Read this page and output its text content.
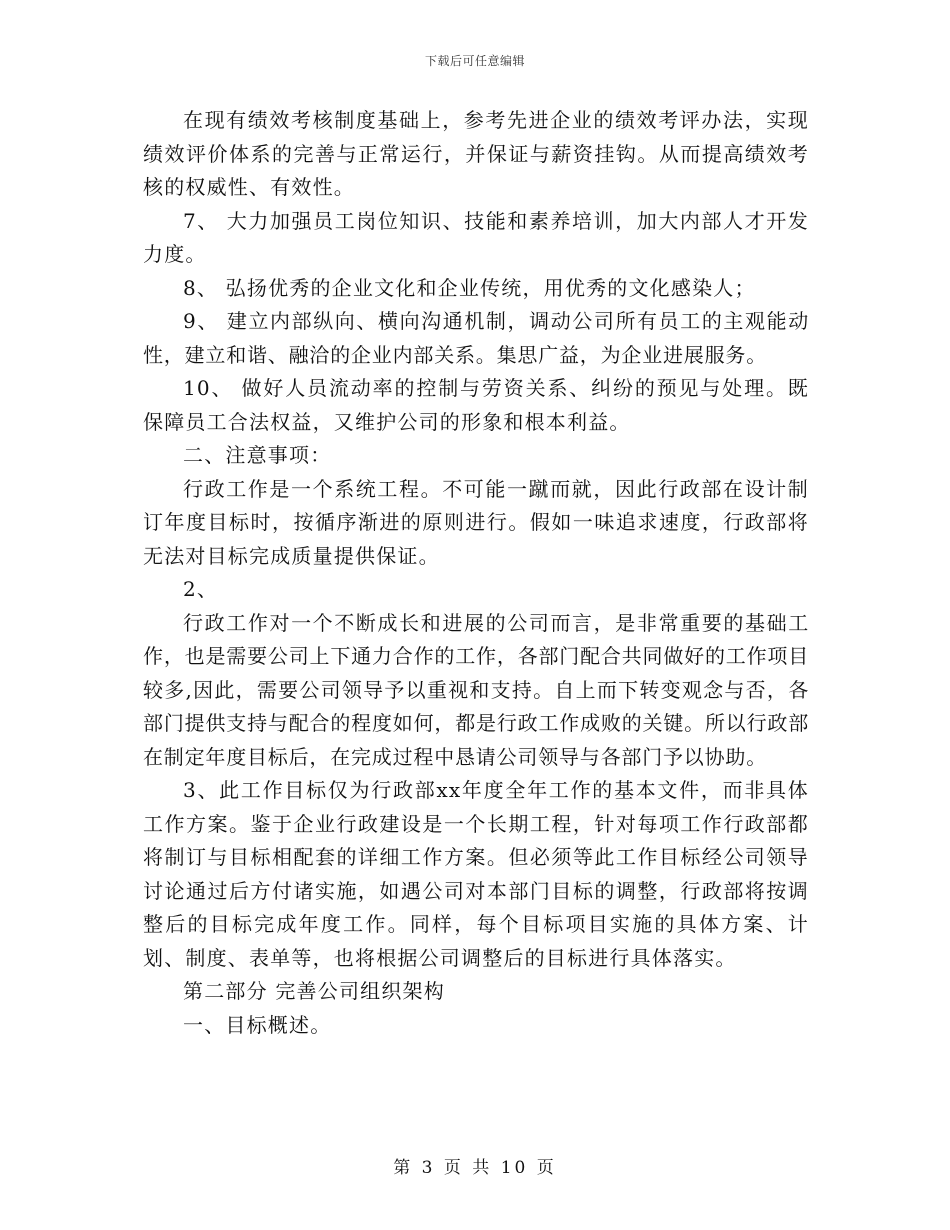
下载后可任意编辑

在现有绩效考核制度基础上，参考先进企业的绩效考评办法，实现绩效评价体系的完善与正常运行，并保证与薪资挂钩。从而提高绩效考核的权威性、有效性。

7、 大力加强员工岗位知识、技能和素养培训，加大内部人才开发力度。

8、 弘扬优秀的企业文化和企业传统，用优秀的文化感染人；

9、 建立内部纵向、横向沟通机制，调动公司所有员工的主观能动性，建立和谐、融洽的企业内部关系。集思广益，为企业进展服务。

10、 做好人员流动率的控制与劳资关系、纠纷的预见与处理。既保障员工合法权益，又维护公司的形象和根本利益。

二、注意事项：

行政工作是一个系统工程。不可能一蹴而就，因此行政部在设计制订年度目标时，按循序渐进的原则进行。假如一味追求速度，行政部将无法对目标完成质量提供保证。

2、

行政工作对一个不断成长和进展的公司而言，是非常重要的基础工作，也是需要公司上下通力合作的工作，各部门配合共同做好的工作项目较多,因此，需要公司领导予以重视和支持。自上而下转变观念与否，各部门提供支持与配合的程度如何，都是行政工作成败的关键。所以行政部在制定年度目标后，在完成过程中恳请公司领导与各部门予以协助。

3、此工作目标仅为行政部xx年度全年工作的基本文件，而非具体工作方案。鉴于企业行政建设是一个长期工程，针对每项工作行政部都将制订与目标相配套的详细工作方案。但必须等此工作目标经公司领导讨论通过后方付诸实施，如遇公司对本部门目标的调整，行政部将按调整后的目标完成年度工作。同样，每个目标项目实施的具体方案、计划、制度、表单等，也将根据公司调整后的目标进行具体落实。

第二部分 完善公司组织架构

一、目标概述。

第 3 页 共 10 页
